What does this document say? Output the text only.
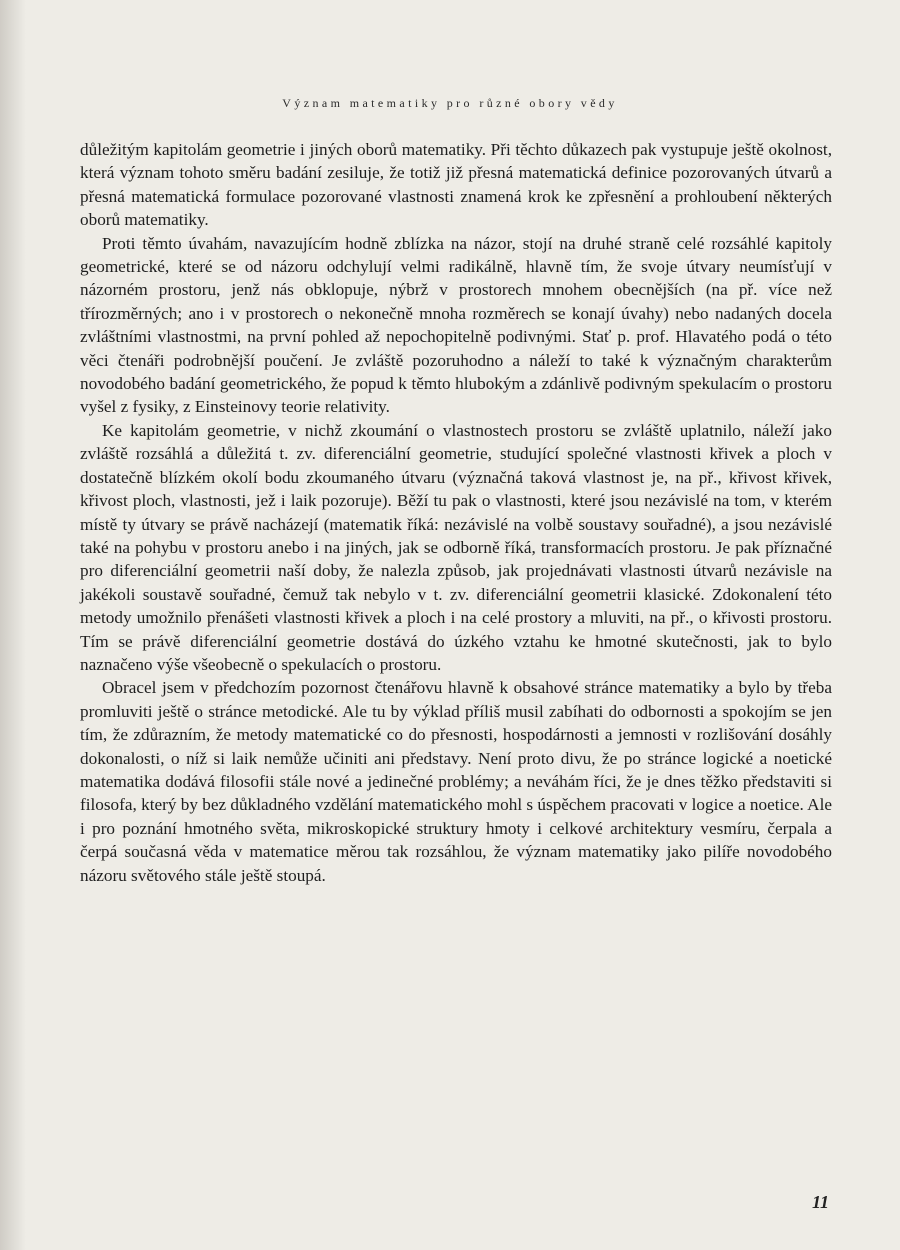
Význam matematiky pro různé obory vědy

důležitým kapitolám geometrie i jiných oborů matematiky. Při těchto důkazech pak vystupuje ještě okolnost, která význam tohoto směru badání zesiluje, že totiž již přesná matematická definice pozorovaných útvarů a přesná matematická formulace pozorované vlastnosti znamená krok ke zpřesnění a prohloubení některých oborů matematiky.

Proti těmto úvahám, navazujícím hodně zblízka na názor, stojí na druhé straně celé rozsáhlé kapitoly geometrické, které se od názoru odchylují velmi radikálně, hlavně tím, že svoje útvary neumísťují v názorném prostoru, jenž nás obklopuje, nýbrž v prostorech mnohem obecnějších (na př. více než třírozměrných; ano i v prostorech o nekonečně mnoha rozměrech se konají úvahy) nebo nadaných docela zvláštními vlastnostmi, na první pohled až nepochopitelně podivnými. Stať p. prof. Hlavatého podá o této věci čtenáři podrobnější poučení. Je zvláště pozoruhodno a náleží to také k význačným charakterům novodobého badání geometrického, že popud k těmto hlubokým a zdánlivě podivným spekulacím o prostoru vyšel z fysiky, z Einsteinovy teorie relativity.

Ke kapitolám geometrie, v nichž zkoumání o vlastnostech prostoru se zvláště uplatnilo, náleží jako zvláště rozsáhlá a důležitá t. zv. diferenciální geometrie, studující společné vlastnosti křivek a ploch v dostatečně blízkém okolí bodu zkoumaného útvaru (význačná taková vlastnost je, na př., křivost křivek, křivost ploch, vlastnosti, jež i laik pozoruje). Běží tu pak o vlastnosti, které jsou nezávislé na tom, v kterém místě ty útvary se právě nacházejí (matematik říká: nezávislé na volbě soustavy souřadné), a jsou nezávislé také na pohybu v prostoru anebo i na jiných, jak se odborně říká, transformacích prostoru. Je pak příznačné pro diferenciální geometrii naší doby, že nalezla způsob, jak projednávati vlastnosti útvarů nezávisle na jakékoli soustavě souřadné, čemuž tak nebylo v t. zv. diferenciální geometrii klasické. Zdokonalení této metody umožnilo přenášeti vlastnosti křivek a ploch i na celé prostory a mluviti, na př., o křivosti prostoru. Tím se právě diferenciální geometrie dostává do úzkého vztahu ke hmotné skutečnosti, jak to bylo naznačeno výše všeobecně o spekulacích o prostoru.

Obracel jsem v předchozím pozornost čtenářovu hlavně k obsahové stránce matematiky a bylo by třeba promluviti ještě o stránce metodické. Ale tu by výklad příliš musil zabíhati do odbornosti a spokojím se jen tím, že zdůrazním, že metody matematické co do přesnosti, hospodárnosti a jemnosti v rozlišování dosáhly dokonalosti, o níž si laik nemůže učiniti ani představy. Není proto divu, že po stránce logické a noetické matematika dodává filosofii stále nové a jedinečné problémy; a neváhám říci, že je dnes těžko představiti si filosofa, který by bez důkladného vzdělání matematického mohl s úspěchem pracovati v logice a noetice. Ale i pro poznání hmotného světa, mikroskopické struktury hmoty i celkové architektury vesmíru, čerpala a čerpá současná věda v matematice měrou tak rozsáhlou, že význam matematiky jako pilíře novodobého názoru světového stále ještě stoupá.

11
